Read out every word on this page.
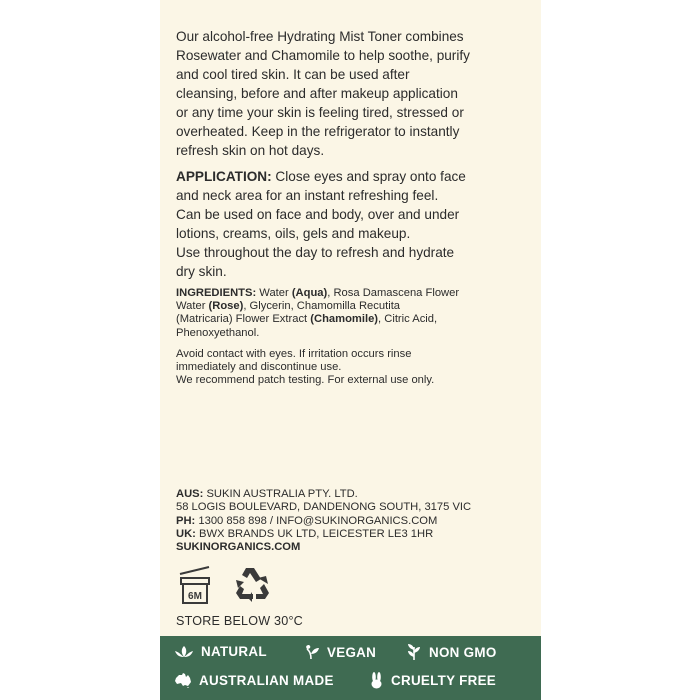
Our alcohol-free Hydrating Mist Toner combines
Rosewater and Chamomile to help soothe, purify
and cool tired skin. It can be used after
cleansing, before and after makeup application
or any time your skin is feeling tired, stressed or
overheated. Keep in the refrigerator to instantly
refresh skin on hot days.

APPLICATION: Close eyes and spray onto face
and neck area for an instant refreshing feel.
Can be used on face and body, over and under
lotions, creams, oils, gels and makeup.
Use throughout the day to refresh and hydrate
dry skin.

INGREDIENTS: Water (Aqua), Rosa Damascena Flower
Water (Rose), Glycerin, Chamomilla Recutita
(Matricaria) Flower Extract (Chamomile), Citric Acid,
Phenoxyethanol.

Avoid contact with eyes. If irritation occurs rinse
immediately and discontinue use.
We recommend patch testing. For external use only.

AUS: SUKIN AUSTRALIA PTY. LTD.
58 LOGIS BOULEVARD, DANDENONG SOUTH, 3175 VIC
PH: 1300 858 898 / INFO@SUKINORGANICS.COM
UK: BWX BRANDS UK LTD, LEICESTER LE3 1HR
SUKINORGANICS.COM

6M
STORE BELOW 30°C
NATURAL	VEGAN	NON GMO
AUSTRALIAN MADE	CRUELTY FREE
